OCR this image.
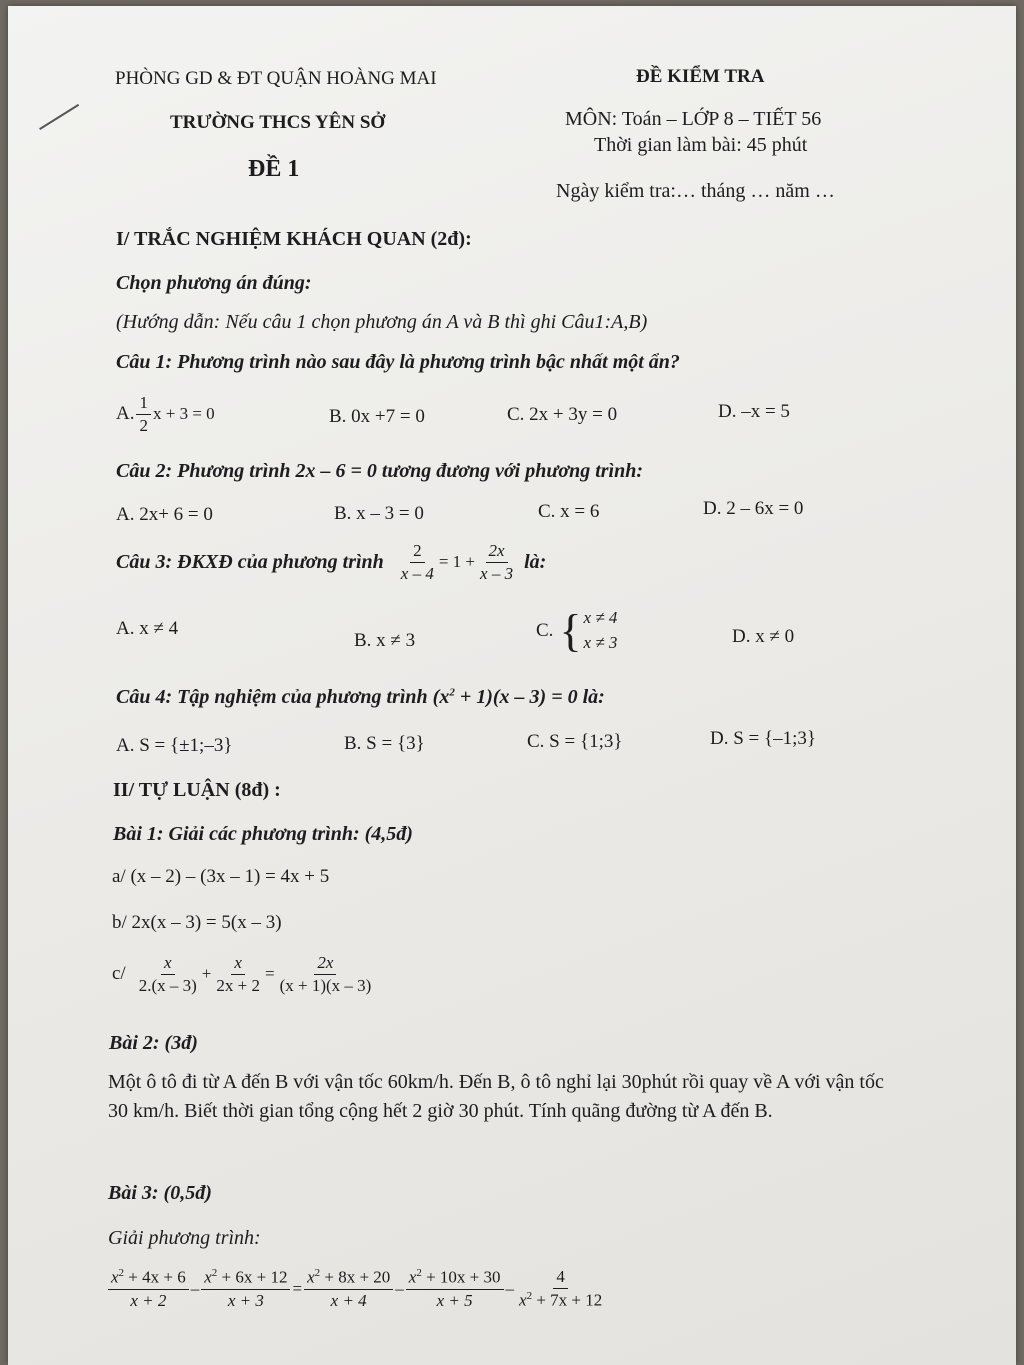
PHÒNG GD & ĐT QUẬN HOÀNG MAI
TRƯỜNG THCS YÊN SỞ
ĐỀ 1
ĐỀ KIỂM TRA
MÔN: Toán – LỚP 8 – TIẾT 56
Thời gian làm bài: 45 phút
Ngày kiểm tra:… tháng … năm …
I/ TRẮC NGHIỆM KHÁCH QUAN (2đ):
Chọn phương án đúng:
(Hướng dẫn: Nếu câu 1 chọn phương án A và B thì ghi Câu1:A,B)
Câu 1: Phương trình nào sau đây là phương trình bậc nhất một ẩn?
A. $\frac{1}{2}$ x + 3 = 0	B. 0x +7 = 0	C. 2x + 3y = 0	D. –x = 5
Câu 2: Phương trình 2x – 6 = 0 tương đương với phương trình:
A. 2x+ 6 = 0	B. x – 3 = 0	C. x = 6	D. 2 – 6x = 0
Câu 3: ĐKXĐ của phương trình $\frac{2}{x - 4} = 1 + \frac{2x}{x - 3}$ là:
A. x ≠ 4
B. x ≠ 3	C. { x ≠ 4
x ≠ 3	D. x ≠ 0
Câu 4: Tập nghiệm của phương trình $(x^2 + 1)(x - 3) = 0$ là:
A. S = {±1;–3}	B. S = {3}	C. S = {1;3}	D. S = {–1;3}
II/ TỰ LUẬN (8đ) :
Bài 1: Giải các phương trình: (4,5đ)
a/ (x – 2) – (3x – 1) = 4x + 5
b/ 2x(x – 3) = 5(x – 3)
$c/ \frac{x}{2.(x - 3)} + \frac{x}{2x + 2} = \frac{2x}{(x + 1)(x - 3)}$
Bài 2: (3đ)
Một ô tô đi từ A đến B với vận tốc 60km/h. Đến B, ô tô nghỉ lại 30phút rồi quay về A với vận tốc 30 km/h. Biết thời gian tổng cộng hết 2 giờ 30 phút. Tính quãng đường từ A đến B.
Bài 3: (0,5đ)
Giải phương trình:
$\frac{x^2 + 4x + 6}{x + 2} - \frac{x^2 + 6x + 12}{x + 3} = \frac{x^2 + 8x + 20}{x + 4} - \frac{x^2 + 10x + 30}{x + 5} - \frac{4}{x^2 + 7x + 12}$
